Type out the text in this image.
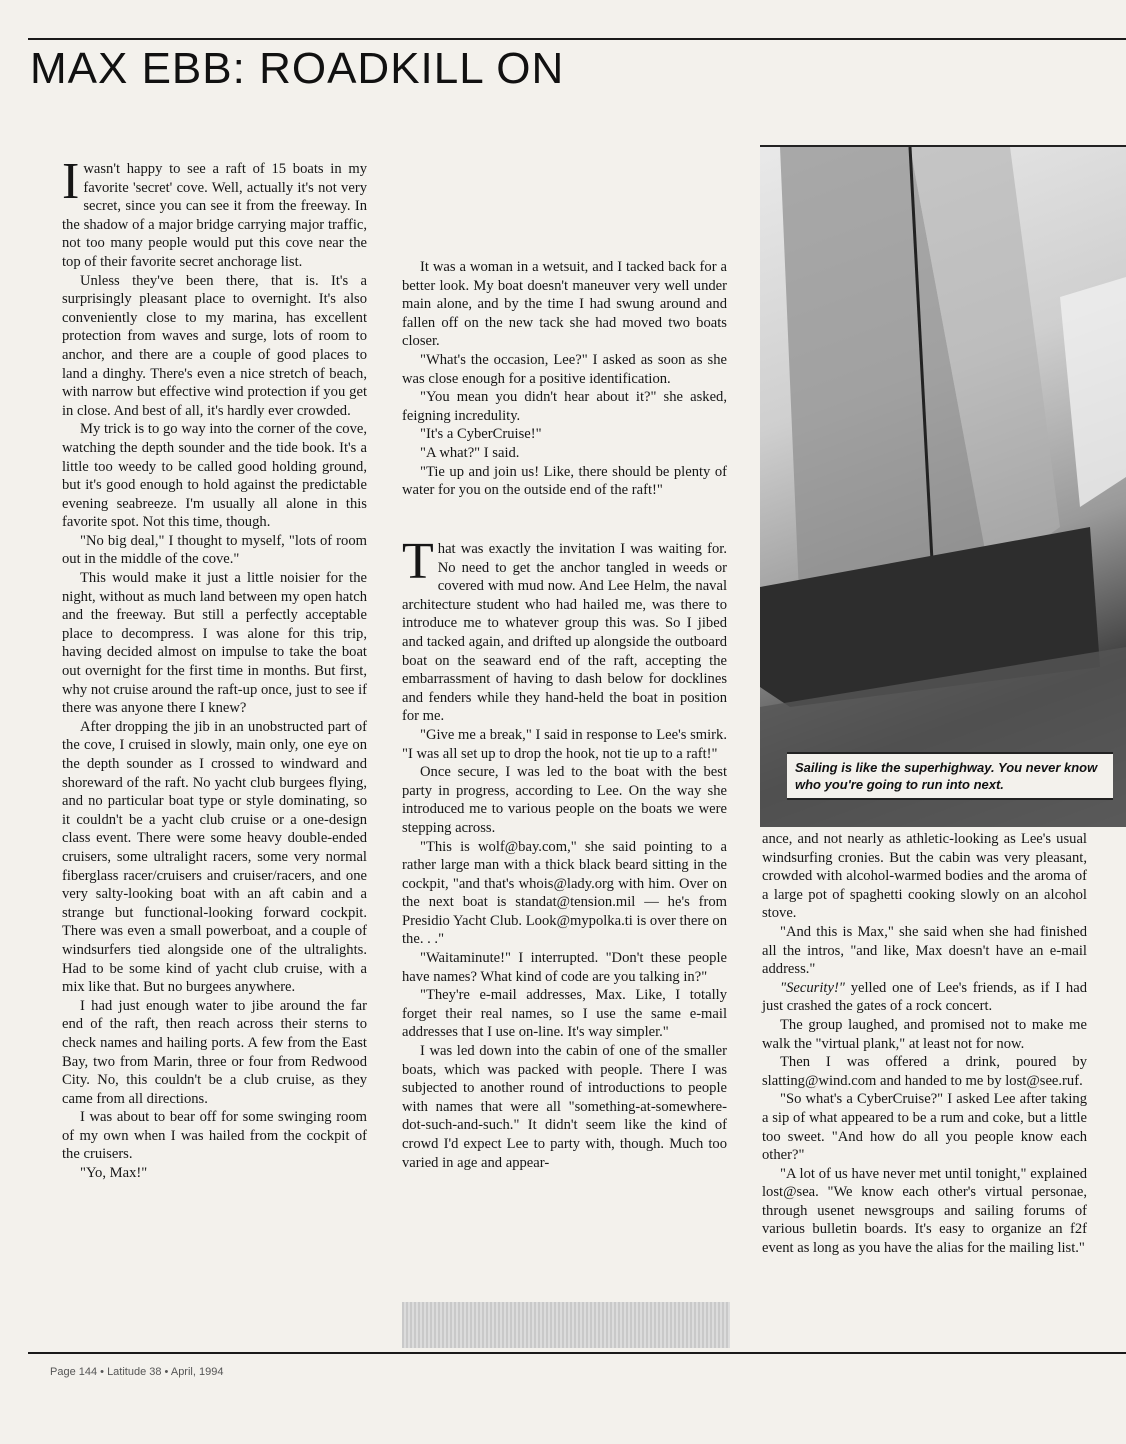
MAX EBB: ROADKILL ON

Iwasn't happy to see a raft of 15 boats in my favorite 'secret' cove. Well, actually it's not very secret, since you can see it from the freeway. In the shadow of a major bridge carrying major traffic, not too many people would put this cove near the top of their favorite secret anchorage list.

Unless they've been there, that is. It's a surprisingly pleasant place to overnight. It's also conveniently close to my marina, has excellent protection from waves and surge, lots of room to anchor, and there are a couple of good places to land a dinghy. There's even a nice stretch of beach, with narrow but effective wind protection if you get in close. And best of all, it's hardly ever crowded.

My trick is to go way into the corner of the cove, watching the depth sounder and the tide book. It's a little too weedy to be called good holding ground, but it's good enough to hold against the predictable evening seabreeze. I'm usually all alone in this favorite spot. Not this time, though.

"No big deal," I thought to myself, "lots of room out in the middle of the cove."

This would make it just a little noisier for the night, without as much land between my open hatch and the freeway. But still a perfectly acceptable place to decompress. I was alone for this trip, having decided almost on impulse to take the boat out overnight for the first time in months. But first, why not cruise around the raft-up once, just to see if there was anyone there I knew?

After dropping the jib in an unobstructed part of the cove, I cruised in slowly, main only, one eye on the depth sounder as I crossed to windward and shoreward of the raft. No yacht club burgees flying, and no particular boat type or style dominating, so it couldn't be a yacht club cruise or a one-design class event. There were some heavy double-ended cruisers, some ultralight racers, some very normal fiberglass racer/cruisers and cruiser/racers, and one very salty-looking boat with an aft cabin and a strange but functional-looking forward cockpit. There was even a small powerboat, and a couple of windsurfers tied alongside one of the ultralights. Had to be some kind of yacht club cruise, with a mix like that. But no burgees anywhere.

I had just enough water to jibe around the far end of the raft, then reach across their sterns to check names and hailing ports. A few from the East Bay, two from Marin, three or four from Redwood City. No, this couldn't be a club cruise, as they came from all directions.

I was about to bear off for some swinging room of my own when I was hailed from the cockpit of the cruisers.

"Yo, Max!"

It was a woman in a wetsuit, and I tacked back for a better look. My boat doesn't maneuver very well under main alone, and by the time I had swung around and fallen off on the new tack she had moved two boats closer.

"What's the occasion, Lee?" I asked as soon as she was close enough for a positive identification.

"You mean you didn't hear about it?" she asked, feigning incredulity.

"It's a CyberCruise!"

"A what?" I said.

"Tie up and join us! Like, there should be plenty of water for you on the outside end of the raft!"

That was exactly the invitation I was waiting for. No need to get the anchor tangled in weeds or covered with mud now. And Lee Helm, the naval architecture student who had hailed me, was there to introduce me to whatever group this was. So I jibed and tacked again, and drifted up alongside the outboard boat on the seaward end of the raft, accepting the embarrassment of having to dash below for docklines and fenders while they hand-held the boat in position for me.

"Give me a break," I said in response to Lee's smirk. "I was all set up to drop the hook, not tie up to a raft!"

Once secure, I was led to the boat with the best party in progress, according to Lee. On the way she introduced me to various people on the boats we were stepping across.

"This is wolf@bay.com," she said pointing to a rather large man with a thick black beard sitting in the cockpit, "and that's whois@lady.org with him. Over on the next boat is standat@tension.mil — he's from Presidio Yacht Club. Look@mypolka.ti is over there on the. . ."

"Waitaminute!" I interrupted. "Don't these people have names? What kind of code are you talking in?"

"They're e-mail addresses, Max. Like, I totally forget their real names, so I use the same e-mail addresses that I use on-line. It's way simpler."

I was led down into the cabin of one of the smaller boats, which was packed with people. There I was subjected to another round of introductions to people with names that were all "something-at-somewhere-dot-such-and-such." It didn't seem like the kind of crowd I'd expect Lee to party with, though. Much too varied in age and appear-

Sailing is like the superhighway. You never know who you're going to run into next.

ance, and not nearly as athletic-looking as Lee's usual windsurfing cronies. But the cabin was very pleasant, crowded with alcohol-warmed bodies and the aroma of a large pot of spaghetti cooking slowly on an alcohol stove.

"And this is Max," she said when she had finished all the intros, "and like, Max doesn't have an e-mail address."

"Security!" yelled one of Lee's friends, as if I had just crashed the gates of a rock concert.

The group laughed, and promised not to make me walk the "virtual plank," at least not for now.

Then I was offered a drink, poured by slatting@wind.com and handed to me by lost@see.ruf.

"So what's a CyberCruise?" I asked Lee after taking a sip of what appeared to be a rum and coke, but a little too sweet. "And how do all you people know each other?"

"A lot of us have never met until tonight," explained lost@sea. "We know each other's virtual personae, through usenet newsgroups and sailing forums of various bulletin boards. It's easy to organize an f2f event as long as you have the alias for the mailing list."

Page 144 • Latitude 38 • April, 1994
